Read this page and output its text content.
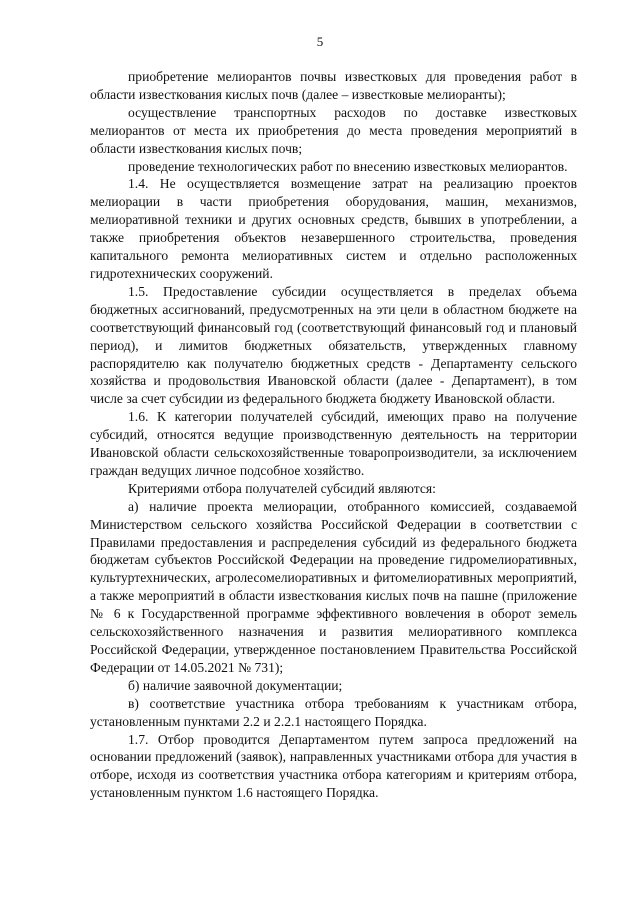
5

приобретение мелиорантов почвы известковых для проведения работ в области известкования кислых почв (далее – известковые мелиоранты);

осуществление транспортных расходов по доставке известковых мелиорантов от места их приобретения до места проведения мероприятий в области известкования кислых почв;

проведение технологических работ по внесению известковых мелиорантов.

1.4. Не осуществляется возмещение затрат на реализацию проектов мелиорации в части приобретения оборудования, машин, механизмов, мелиоративной техники и других основных средств, бывших в употреблении, а также приобретения объектов незавершенного строительства, проведения капитального ремонта мелиоративных систем и отдельно расположенных гидротехнических сооружений.

1.5. Предоставление субсидии осуществляется в пределах объема бюджетных ассигнований, предусмотренных на эти цели в областном бюджете на соответствующий финансовый год (соответствующий финансовый год и плановый период), и лимитов бюджетных обязательств, утвержденных главному распорядителю как получателю бюджетных средств - Департаменту сельского хозяйства и продовольствия Ивановской области (далее - Департамент), в том числе за счет субсидии из федерального бюджета бюджету Ивановской области.

1.6. К категории получателей субсидий, имеющих право на получение субсидий, относятся ведущие производственную деятельность на территории Ивановской области сельскохозяйственные товаропроизводители, за исключением граждан ведущих личное подсобное хозяйство.

Критериями отбора получателей субсидий являются:

а) наличие проекта мелиорации, отобранного комиссией, создаваемой Министерством сельского хозяйства Российской Федерации в соответствии с Правилами предоставления и распределения субсидий из федерального бюджета бюджетам субъектов Российской Федерации на проведение гидромелиоративных, культуртехнических, агролесомелиоративных и фитомелиоративных мероприятий, а также мероприятий в области известкования кислых почв на пашне (приложение № 6 к Государственной программе эффективного вовлечения в оборот земель сельскохозяйственного назначения и развития мелиоративного комплекса Российской Федерации, утвержденное постановлением Правительства Российской Федерации от 14.05.2021 № 731);

б) наличие заявочной документации;

в) соответствие участника отбора требованиям к участникам отбора, установленным пунктами 2.2 и 2.2.1 настоящего Порядка.

1.7. Отбор проводится Департаментом путем запроса предложений на основании предложений (заявок), направленных участниками отбора для участия в отборе, исходя из соответствия участника отбора категориям и критериям отбора, установленным пунктом 1.6 настоящего Порядка.
